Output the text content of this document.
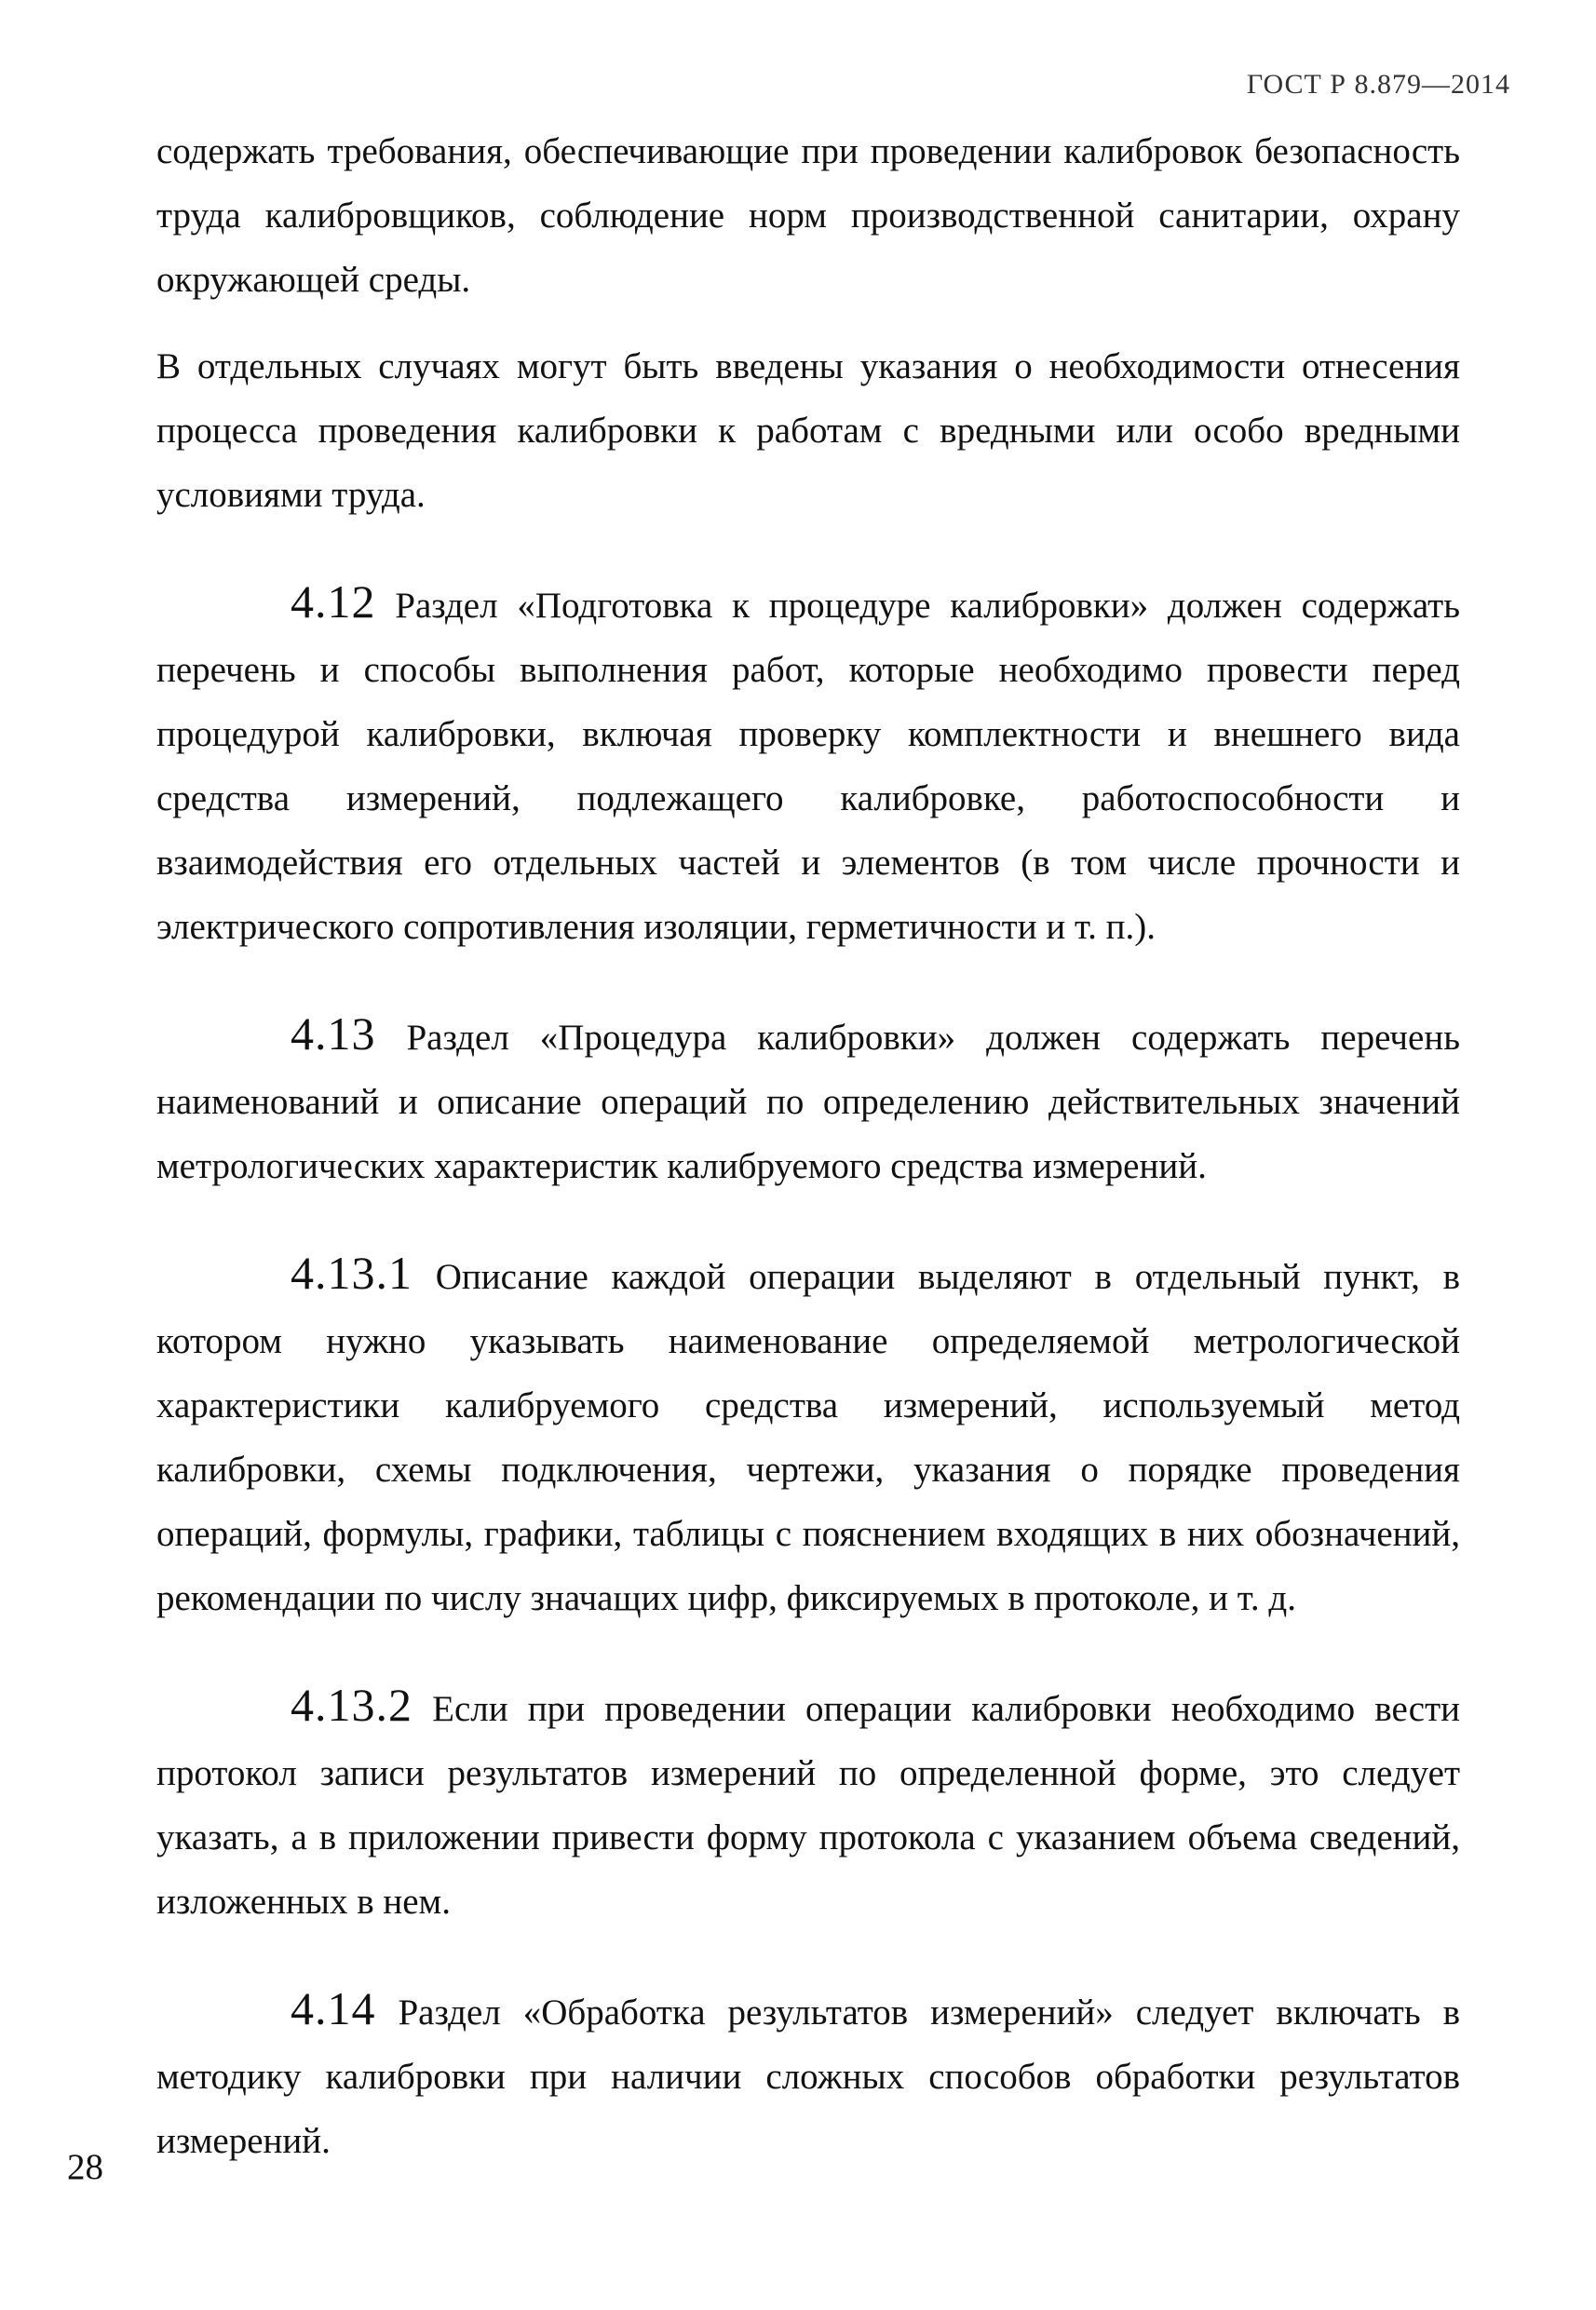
ГОСТ Р 8.879—2014

содержать требования, обеспечивающие при проведении калибровок безопасность труда калибровщиков, соблюдение норм производственной санитарии, охрану окружающей среды.

В отдельных случаях могут быть введены указания о необходимости отнесения процесса проведения калибровки к работам с вредными или особо вредными условиями труда.

4.12 Раздел «Подготовка к процедуре калибровки» должен содержать перечень и способы выполнения работ, которые необходимо провести перед процедурой калибровки, включая проверку комплектности и внешнего вида средства измерений, подлежащего калибровке, работоспособности и взаимодействия его отдельных частей и элементов (в том числе прочности и электрического сопротивления изоляции, герметичности и т. п.).

4.13 Раздел «Процедура калибровки» должен содержать перечень наименований и описание операций по определению действительных значений метрологических характеристик калибруемого средства измерений.

4.13.1 Описание каждой операции выделяют в отдельный пункт, в котором нужно указывать наименование определяемой метрологической характеристики калибруемого средства измерений, используемый метод калибровки, схемы подключения, чертежи, указания о порядке проведения операций, формулы, графики, таблицы с пояснением входящих в них обозначений, рекомендации по числу значащих цифр, фиксируемых в протоколе, и т. д.

4.13.2 Если при проведении операции калибровки необходимо вести протокол записи результатов измерений по определенной форме, это следует указать, а в приложении привести форму протокола с указанием объема сведений, изложенных в нем.

4.14 Раздел «Обработка результатов измерений» следует включать в методику калибровки при наличии сложных способов обработки результатов измерений.

28
